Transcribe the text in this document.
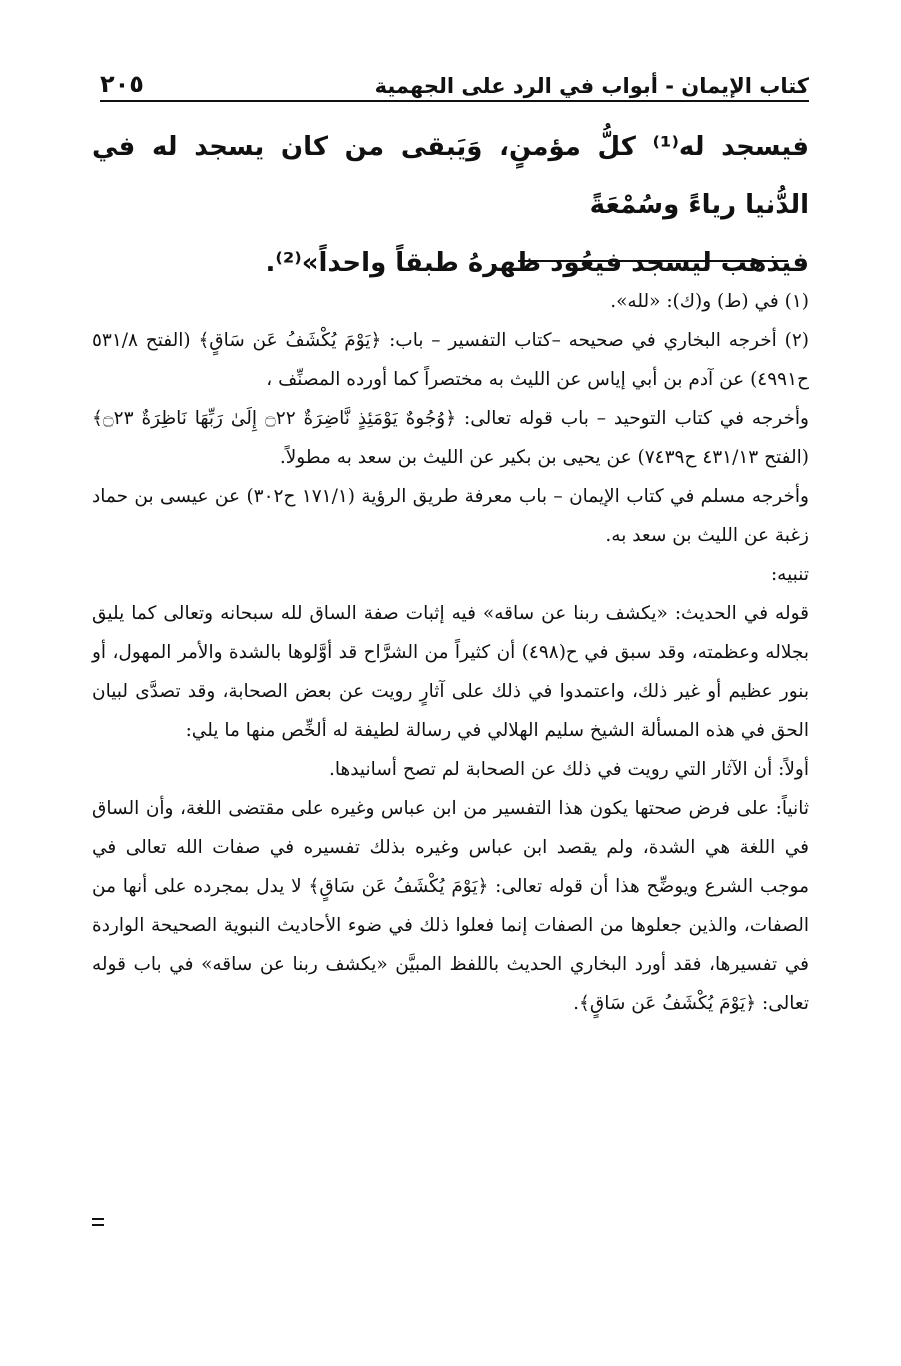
كتاب الإيمان - أبواب في الرد على الجهمية
٢٠٥

فيسجد له⁽¹⁾ كلُّ مؤمنٍ، وَيَبقى من كان يسجد له في الدُّنيا رياءً وسُمْعَةً

فيذهب ليسجد فيعُود ظهرهُ طبقاً واحداً»⁽²⁾.

(١) في (ط) و(ك): «لله».

(٢) أخرجه البخاري في صحيحه –كتاب التفسير – باب: ﴿يَوْمَ يُكْشَفُ عَن سَاقٍ﴾ (الفتح ٥٣١/٨ ح٤٩٩١) عن آدم بن أبي إياس عن الليث به مختصراً كما أورده المصنِّف ،

وأخرجه في كتاب التوحيد – باب قوله تعالى: ﴿وُجُوهٌ يَوْمَئِذٍ نَّاضِرَةٌ ۝٢٢ إِلَىٰ رَبِّهَا نَاظِرَةٌ ۝٢٣﴾ (الفتح ٤٣١/١٣ ح٧٤٣٩) عن يحيى بن بكير عن الليث بن سعد به مطولاً.

وأخرجه مسلم في كتاب الإيمان – باب معرفة طريق الرؤية (١٧١/١ ح٣٠٢) عن عيسى بن حماد زغبة عن الليث بن سعد به.

تنبيه:

قوله في الحديث: «يكشف ربنا عن ساقه» فيه إثبات صفة الساق لله سبحانه وتعالى كما يليق بجلاله وعظمته، وقد سبق في ح(٤٩٨) أن كثيراً من الشرَّاح قد أوَّلوها بالشدة والأمر المهول، أو بنور عظيم أو غير ذلك، واعتمدوا في ذلك على آثارٍ رويت عن بعض الصحابة، وقد تصدَّى لبيان الحق في هذه المسألة الشيخ سليم الهلالي في رسالة لطيفة له ألخِّص منها ما يلي:

أولاً: أن الآثار التي رويت في ذلك عن الصحابة لم تصح أسانيدها.

ثانياً: على فرض صحتها يكون هذا التفسير من ابن عباس وغيره على مقتضى اللغة، وأن الساق في اللغة هي الشدة، ولم يقصد ابن عباس وغيره بذلك تفسيره في صفات الله تعالى في موجب الشرع ويوضِّح هذا أن قوله تعالى: ﴿يَوْمَ يُكْشَفُ عَن سَاقٍ﴾ لا يدل بمجرده على أنها من الصفات، والذين جعلوها من الصفات إنما فعلوا ذلك في ضوء الأحاديث النبوية الصحيحة الواردة في تفسيرها، فقد أورد البخاري الحديث باللفظ المبيَّن «يكشف ربنا عن ساقه» في باب قوله تعالى: ﴿يَوْمَ يُكْشَفُ عَن سَاقٍ﴾.
